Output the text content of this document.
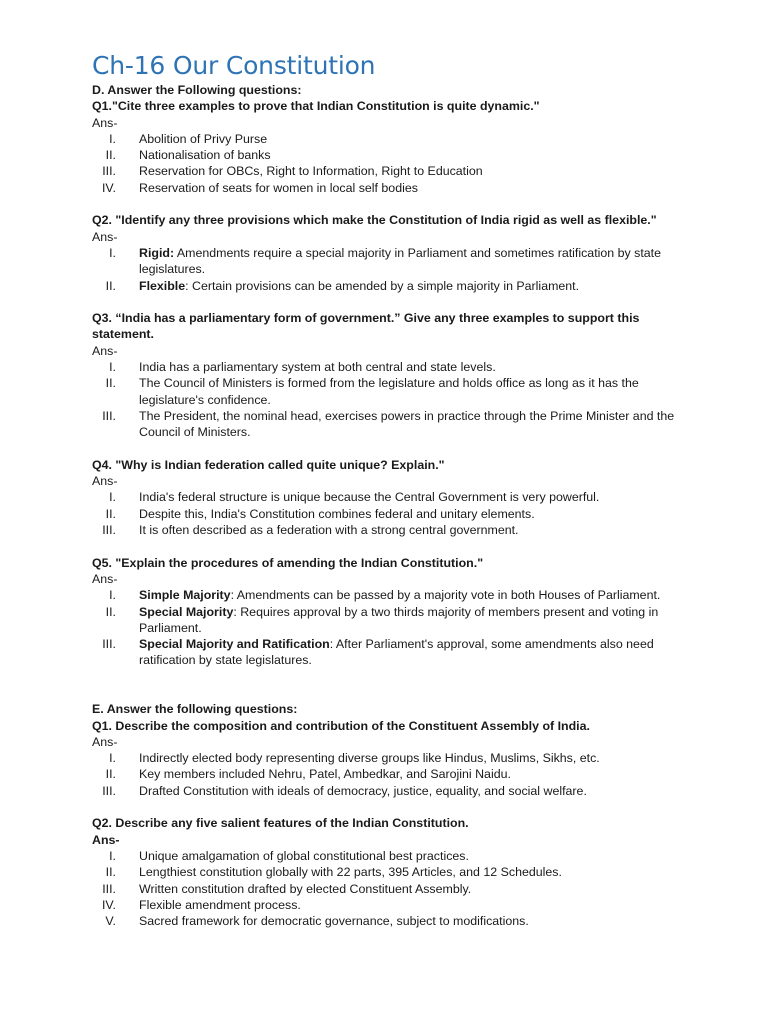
Ch-16 Our Constitution
D. Answer the Following questions:
Q1."Cite three examples to prove that Indian Constitution is quite dynamic."
Ans-
I. Abolition of Privy Purse
II. Nationalisation of banks
III. Reservation for OBCs, Right to Information, Right to Education
IV. Reservation of seats for women in local self bodies
Q2. "Identify any three provisions which make the Constitution of India rigid as well as flexible."
Ans-
I. Rigid: Amendments require a special majority in Parliament and sometimes ratification by state legislatures.
II. Flexible: Certain provisions can be amended by a simple majority in Parliament.
Q3. “India has a parliamentary form of government.” Give any three examples to support this statement.
Ans-
I. India has a parliamentary system at both central and state levels.
II. The Council of Ministers is formed from the legislature and holds office as long as it has the legislature's confidence.
III. The President, the nominal head, exercises powers in practice through the Prime Minister and the Council of Ministers.
Q4. "Why is Indian federation called quite unique? Explain."
Ans-
I. India's federal structure is unique because the Central Government is very powerful.
II. Despite this, India's Constitution combines federal and unitary elements.
III. It is often described as a federation with a strong central government.
Q5. "Explain the procedures of amending the Indian Constitution."
Ans-
I. Simple Majority: Amendments can be passed by a majority vote in both Houses of Parliament.
II. Special Majority: Requires approval by a two thirds majority of members present and voting in Parliament.
III. Special Majority and Ratification: After Parliament's approval, some amendments also need ratification by state legislatures.
E. Answer the following questions:
Q1. Describe the composition and contribution of the Constituent Assembly of India.
Ans-
I. Indirectly elected body representing diverse groups like Hindus, Muslims, Sikhs, etc.
II. Key members included Nehru, Patel, Ambedkar, and Sarojini Naidu.
III. Drafted Constitution with ideals of democracy, justice, equality, and social welfare.
Q2. Describe any five salient features of the Indian Constitution.
Ans-
I. Unique amalgamation of global constitutional best practices.
II. Lengthiest constitution globally with 22 parts, 395 Articles, and 12 Schedules.
III. Written constitution drafted by elected Constituent Assembly.
IV. Flexible amendment process.
V. Sacred framework for democratic governance, subject to modifications.
